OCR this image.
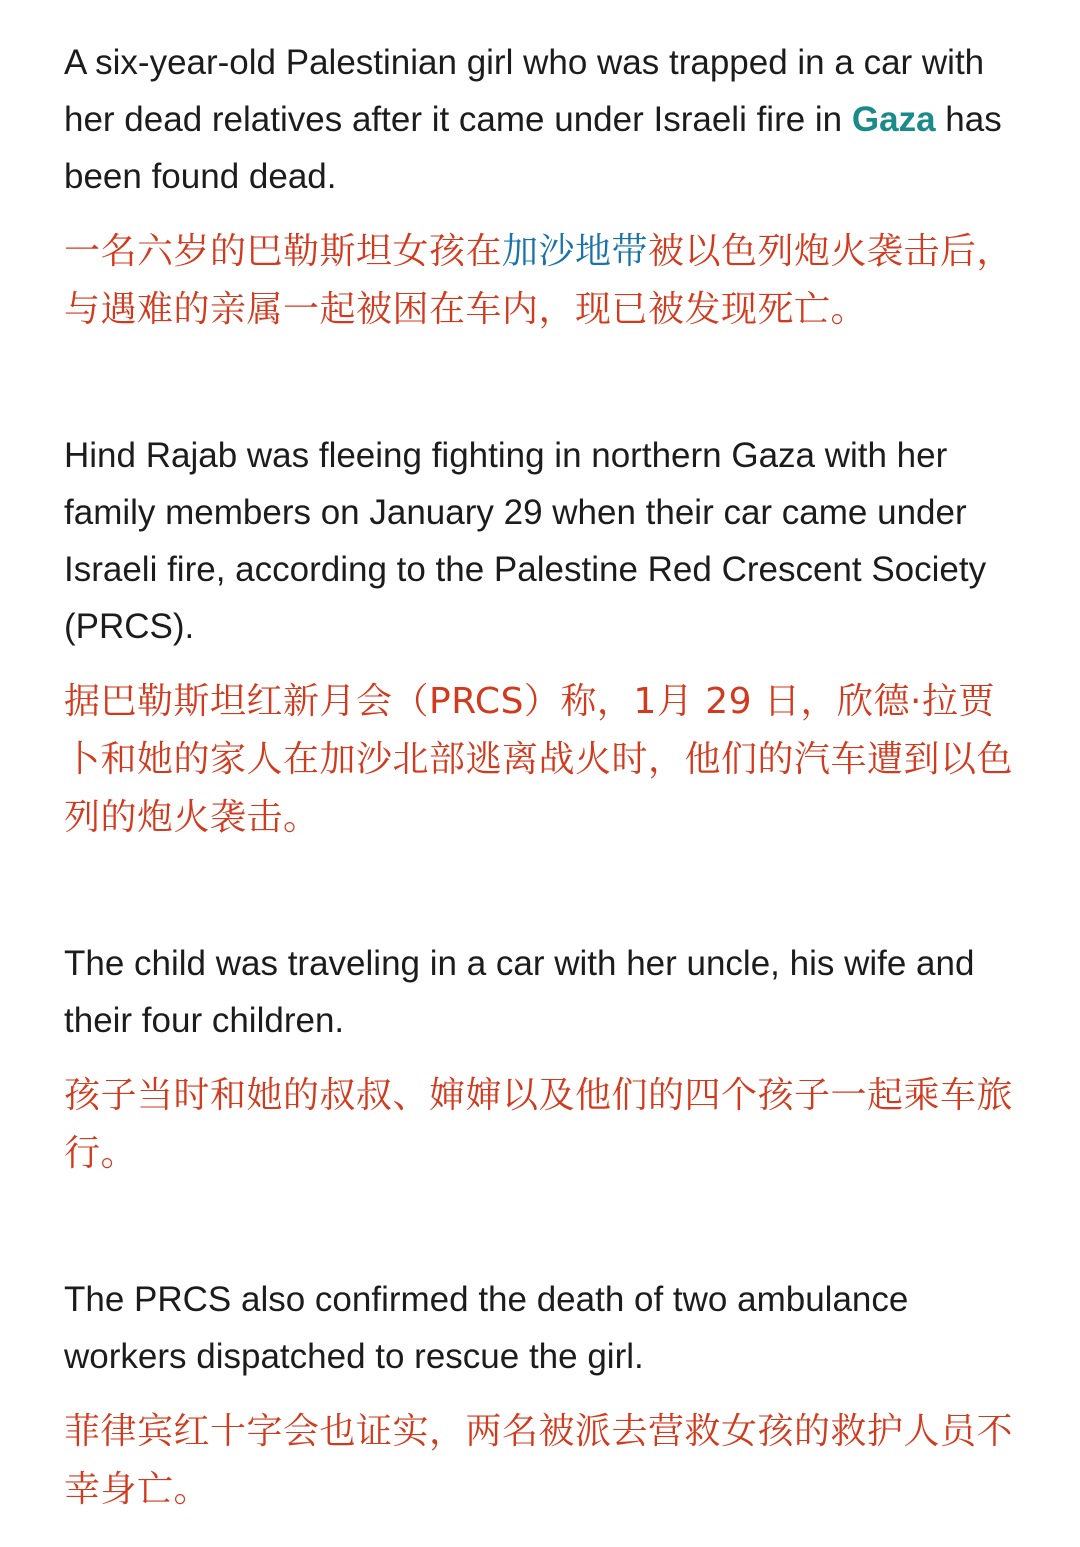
A six-year-old Palestinian girl who was trapped in a car with her dead relatives after it came under Israeli fire in Gaza has been found dead.

一名六岁的巴勒斯坦女孩在加沙地带被以色列炮火袭击后，与遇难的亲属一起被困在车内，现已被发现死亡。

Hind Rajab was fleeing fighting in northern Gaza with her family members on January 29 when their car came under Israeli fire, according to the Palestine Red Crescent Society (PRCS).

据巴勒斯坦红新月会（PRCS）称，1月 29 日，欣德·拉贾卜和她的家人在加沙北部逃离战火时，他们的汽车遭到以色列的炮火袭击。

The child was traveling in a car with her uncle, his wife and their four children.

孩子当时和她的叔叔、婶婶以及他们的四个孩子一起乘车旅行。

The PRCS also confirmed the death of two ambulance workers dispatched to rescue the girl.

菲律宾红十字会也证实，两名被派去营救女孩的救护人员不幸身亡。
